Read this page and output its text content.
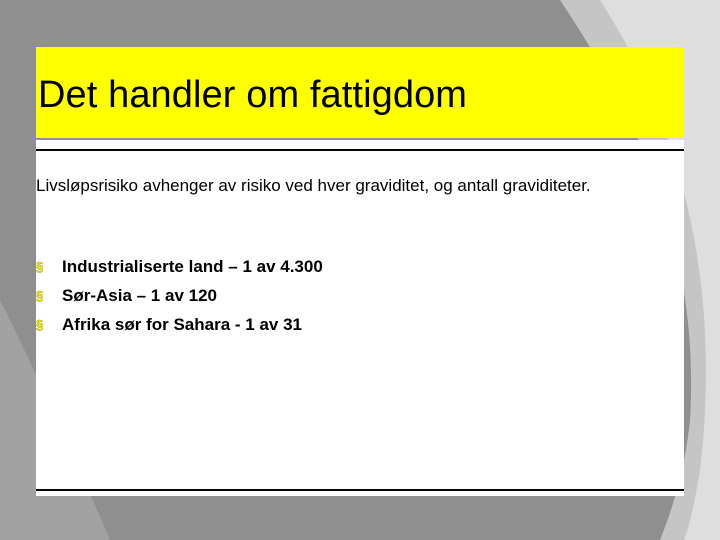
Det handler om fattigdom

Livsløpsrisiko avhenger av risiko ved hver graviditet, og antall graviditeter.

§ Industrialiserte land – 1 av 4.300
§ Sør-Asia – 1 av 120
§ Afrika sør for Sahara - 1 av 31
